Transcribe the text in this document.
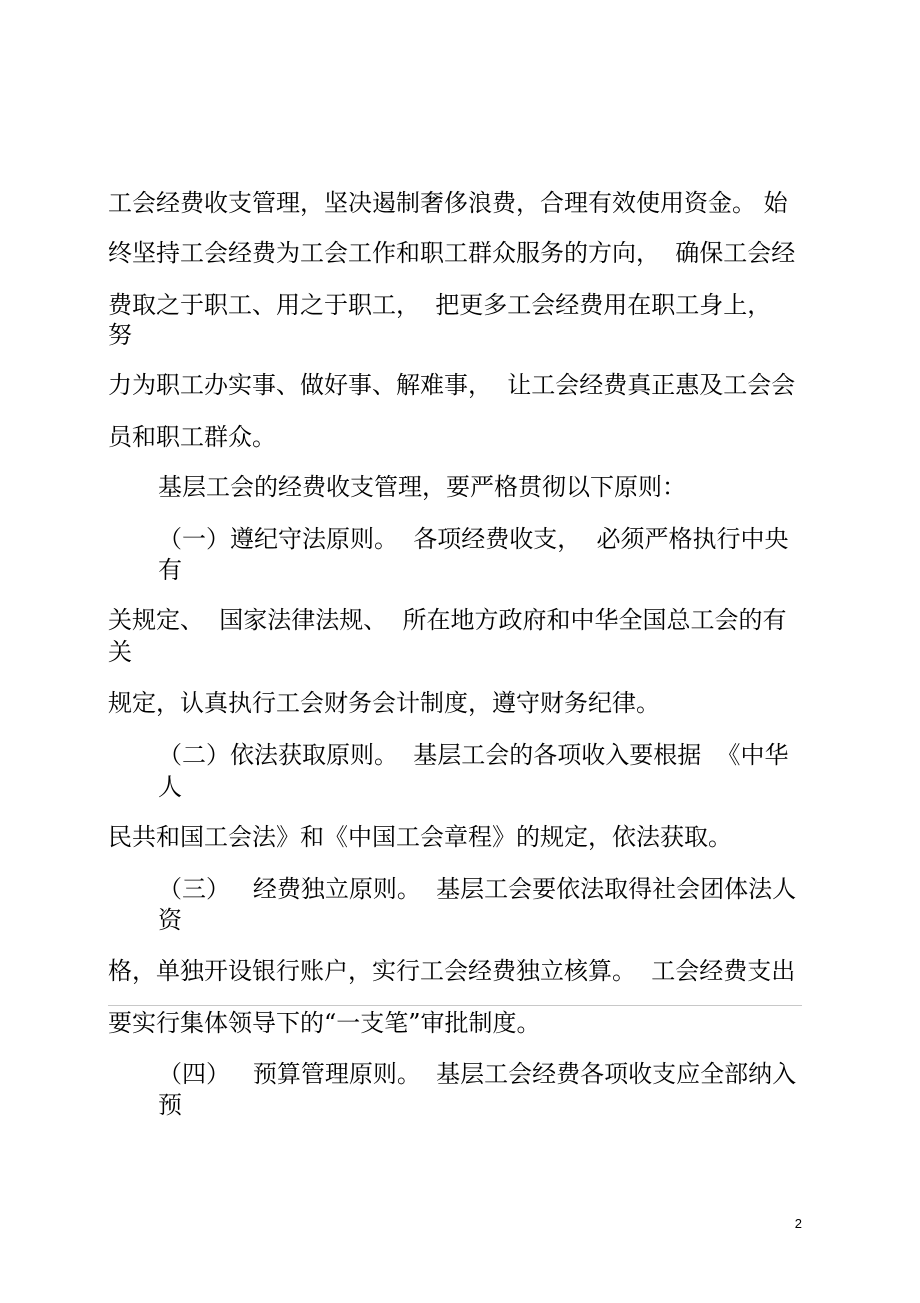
工会经费收支管理，坚决遏制奢侈浪费，合理有效使用资金。 始

终坚持工会经费为工会工作和职工群众服务的方向，  确保工会经

费取之于职工、用之于职工，  把更多工会经费用在职工身上，

努

力为职工办实事、做好事、解难事，  让工会经费真正惠及工会会

员和职工群众。

基层工会的经费收支管理，要严格贯彻以下原则：

（一）遵纪守法原则。  各项经费收支，  必须严格执行中央

有

关规定、  国家法律法规、  所在地方政府和中华全国总工会的有

关

规定，认真执行工会财务会计制度，遵守财务纪律。

（二）依法获取原则。  基层工会的各项收入要根据  《中华

人

民共和国工会法》和《中国工会章程》的规定，依法获取。

（三）   经费独立原则。  基层工会要依法取得社会团体法人

资

格，单独开设银行账户，实行工会经费独立核算。  工会经费支出

要实行集体领导下的“一支笔”审批制度。

（四）   预算管理原则。  基层工会经费各项收支应全部纳入

预

2
